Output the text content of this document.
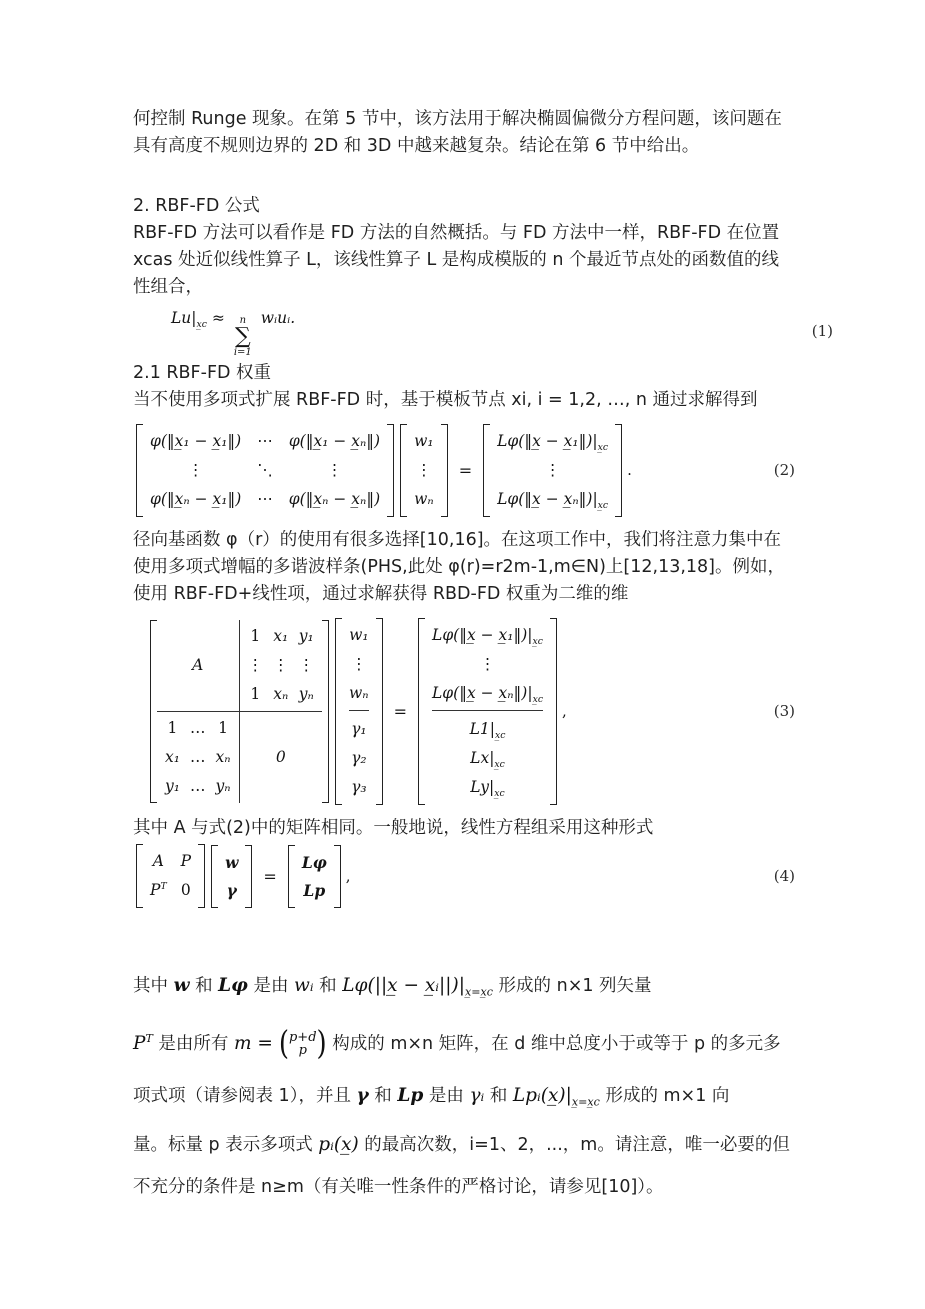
何控制 Runge 现象。在第 5 节中，该方法用于解决椭圆偏微分方程问题，该问题在具有高度不规则边界的 2D 和 3D 中越来越复杂。结论在第 6 节中给出。

2. RBF-FD 公式

RBF-FD 方法可以看作是 FD 方法的自然概括。与 FD 方法中一样，RBF-FD 在位置 xcas 处近似线性算子 L，该线性算子 L 是构成模版的 n 个最近节点处的函数值的线性组合，

$Lu|_{x̲c} \approx n$
∑
i=1
wᵢuᵢ.
(1)

2.1 RBF-FD 权重

当不使用多项式扩展 RBF-FD 时，基于模板节点 xi, i = 1,2, …, n 通过求解得到

φ(‖x̲₁ − x̲₁‖) ⋯ φ(‖x̲₁ − x̲ₙ‖)
⋮	⋱	⋮
φ(‖x̲ₙ − x̲₁‖) ⋯ φ(‖x̲ₙ − x̲ₙ‖)
w₁
⋮
wₙ
=
Lφ(‖x̲ − $x̲_1‖)|_{x̲c}$
⋮
Lφ(‖x̲ − $x̲_n‖)|_{x̲c}$
.	(2)

径向基函数 φ（r）的使用有很多选择[10,16]。在这项工作中，我们将注意力集中在使用多项式增幅的多谐波样条(PHS,此处 φ(r)=r2m-1,m∈N)上[12,13,18]。例如，使用 RBF-FD+线性项，通过求解获得 RBD-FD 权重为二维的维

A
1 x₁ y₁
⋮ ⋮ ⋮
1 xₙ yₙ
1 … 1
x₁ … xₙ
y₁ … yₙ
0
w₁
⋮
wₙ
γ₁
γ₂
γ₃
=
Lφ(‖x̲ − $x̲_1‖)|_{x̲c}$
⋮
Lφ(‖x̲ − $x̲_n‖)|_{x̲c}$
$L1|_{x̲c}$
$Lx|_{x̲c}$
$Ly|_{x̲c}$
,	(3)

其中 A 与式(2)中的矩阵相同。一般地说，线性方程组采用这种形式

A P
$P^T$ 0
w
γ
=
Lφ
Lp
,	(4)

其中 w 和 Lφ 是由 wᵢ 和 Lφ(||x̲ − $x̲ᵢ||)|_{x̲=x̲c}$ 形成的 n×1 列矢量

$P^T$ 是由所有 m = ( p+d
p ) 构成的 m×n 矩阵，在 d 维中总度小于或等于 p 的多元多项式项（请参阅表 1），并且 γ 和 Lp 是由 γᵢ 和 $Lpᵢ(x̲)|_{x̲=x̲c}$ 形成的 m×1 向

量。标量 p 表示多项式 pᵢ(x̲) 的最高次数，i=1、2，...，m。请注意，唯一必要的但不充分的条件是 n≥m（有关唯一性条件的严格讨论，请参见[10]）。
